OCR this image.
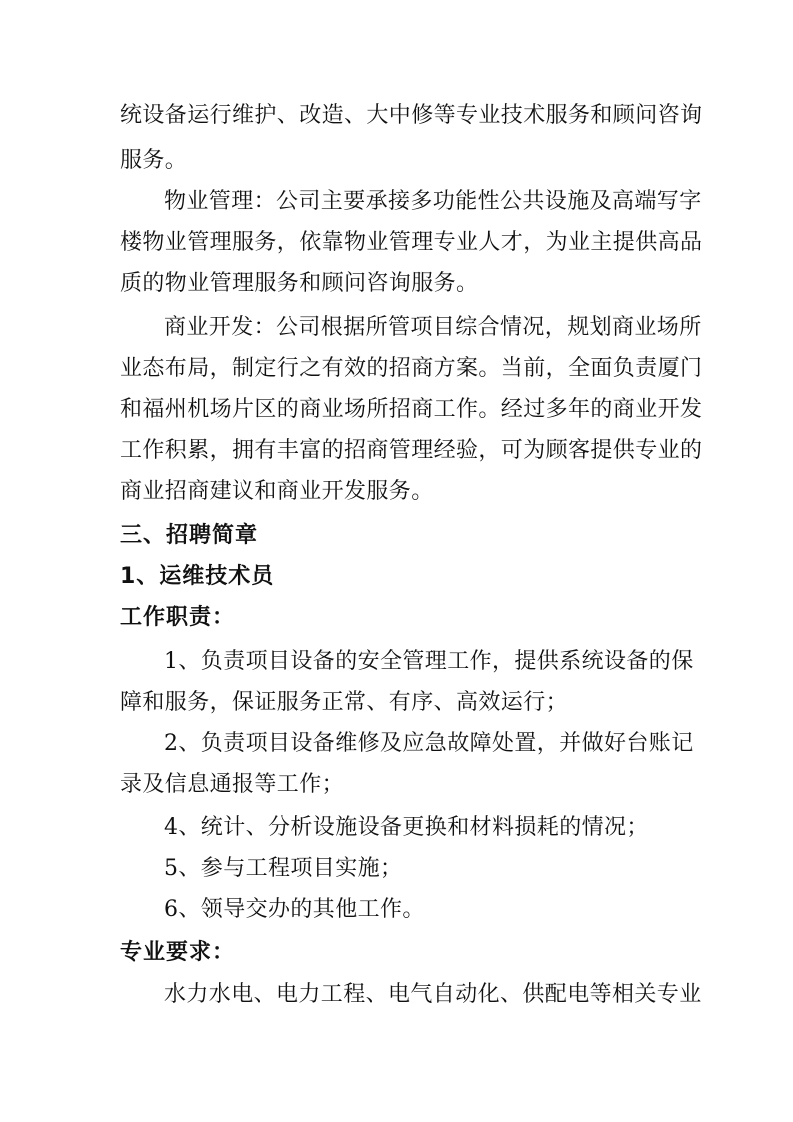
统设备运行维护、改造、大中修等专业技术服务和顾问咨询
服务。
物业管理：公司主要承接多功能性公共设施及高端写字
楼物业管理服务，依靠物业管理专业人才，为业主提供高品
质的物业管理服务和顾问咨询服务。
商业开发：公司根据所管项目综合情况，规划商业场所
业态布局，制定行之有效的招商方案。当前，全面负责厦门
和福州机场片区的商业场所招商工作。经过多年的商业开发
工作积累，拥有丰富的招商管理经验，可为顾客提供专业的
商业招商建议和商业开发服务。
三、招聘简章
1、运维技术员
工作职责：
1、负责项目设备的安全管理工作，提供系统设备的保
障和服务，保证服务正常、有序、高效运行；
2、负责项目设备维修及应急故障处置，并做好台账记
录及信息通报等工作；
4、统计、分析设施设备更换和材料损耗的情况；
5、参与工程项目实施；
6、领导交办的其他工作。
专业要求：
水力水电、电力工程、电气自动化、供配电等相关专业
